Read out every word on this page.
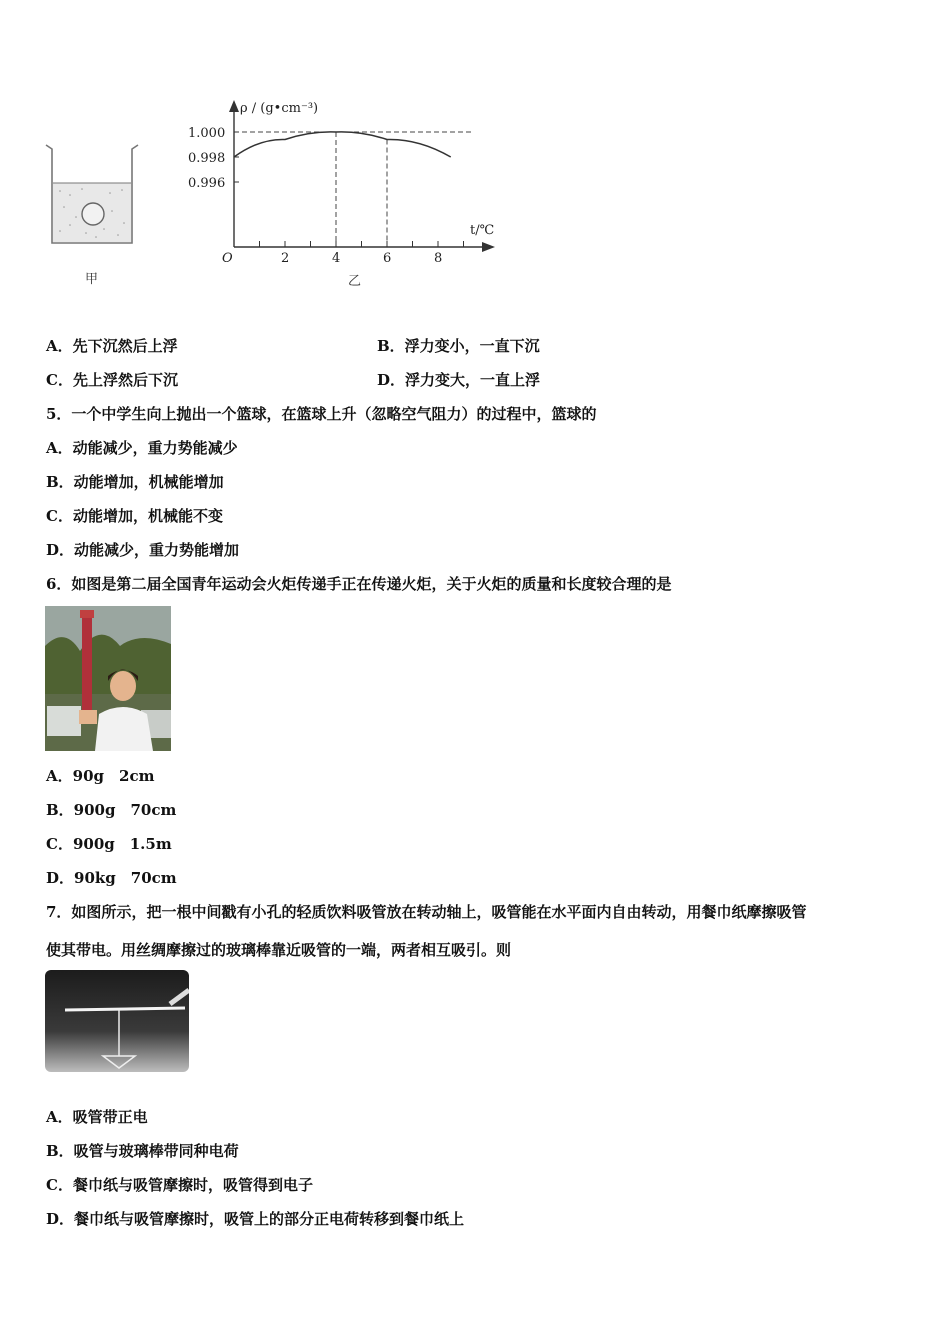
甲
1.000
0.998
0.996
2	4	6	8
ρ / (g•cm⁻³)
t/℃
O
乙
A．先下沉然后上浮	B．浮力变小，一直下沉
C．先上浮然后下沉	D．浮力变大，一直上浮
5．一个中学生向上抛出一个篮球，在篮球上升（忽略空气阻力）的过程中，篮球的
A．动能减少，重力势能减少
B．动能增加，机械能增加
C．动能增加，机械能不变
D．动能减少，重力势能增加
6．如图是第二届全国青年运动会火炬传递手正在传递火炬，关于火炬的质量和长度较合理的是
A．90g　2cm
B．900g　70cm
C．900g　1.5m
D．90kg　70cm
7．如图所示，把一根中间戳有小孔的轻质饮料吸管放在转动轴上，吸管能在水平面内自由转动，用餐巾纸摩擦吸管
使其带电。用丝绸摩擦过的玻璃棒靠近吸管的一端，两者相互吸引。则
A．吸管带正电
B．吸管与玻璃棒带同种电荷
C．餐巾纸与吸管摩擦时，吸管得到电子
D．餐巾纸与吸管摩擦时，吸管上的部分正电荷转移到餐巾纸上
